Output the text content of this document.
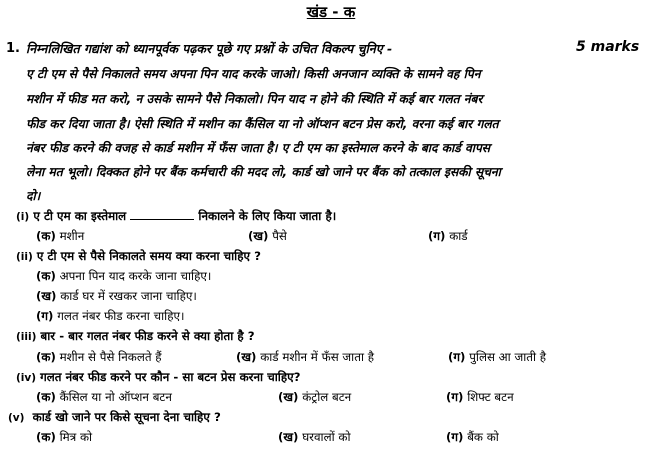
खंड - क
1. निम्नलिखित गद्यांश को ध्यानपूर्वक पढ़कर पूछे गए प्रश्नों के उचित विकल्प चुनिए -	5 marks
ए टी एम से पैसे निकालते समय अपना पिन याद करके जाओ। किसी अनजान व्यक्ति के सामने वह पिन
मशीन में फीड मत करो, न उसके सामने पैसे निकालो। पिन याद न होने की स्थिति में कई बार गलत नंबर
फीड कर दिया जाता है। ऐसी स्थिति में मशीन का कैंसिल या नो ऑप्शन बटन प्रेस करो, वरना कई बार गलत
नंबर फीड करने की वजह से कार्ड मशीन में फँस जाता है। ए टी एम का इस्तेमाल करने के बाद कार्ड वापस
लेना मत भूलो। दिक्कत होने पर बैंक कर्मचारी की मदद लो, कार्ड खो जाने पर बैंक को तत्काल इसकी सूचना
दो।
(i) ए टी एम का इस्तेमाल	निकालने के लिए किया जाता है।
(क) मशीन	(ख) पैसे	(ग) कार्ड
(ii) ए टी एम से पैसे निकालते समय क्या करना चाहिए ?
(क) अपना पिन याद करके जाना चाहिए।
(ख) कार्ड घर में रखकर जाना चाहिए।
(ग) गलत नंबर फीड करना चाहिए।
(iii) बार - बार गलत नंबर फीड करने से क्या होता है ?
(क) मशीन से पैसे निकलते हैं	(ख) कार्ड मशीन में फँस जाता है	(ग) पुलिस आ जाती है
(iv) गलत नंबर फीड करने पर कौन - सा बटन प्रेस करना चाहिए?
(क) कैंसिल या नो ऑप्शन बटन	(ख) कंट्रोल बटन	(ग) शिफ्ट बटन
(v) कार्ड खो जाने पर किसे सूचना देना चाहिए ?
(क) मित्र को	(ख) घरवालों को	(ग) बैंक को
